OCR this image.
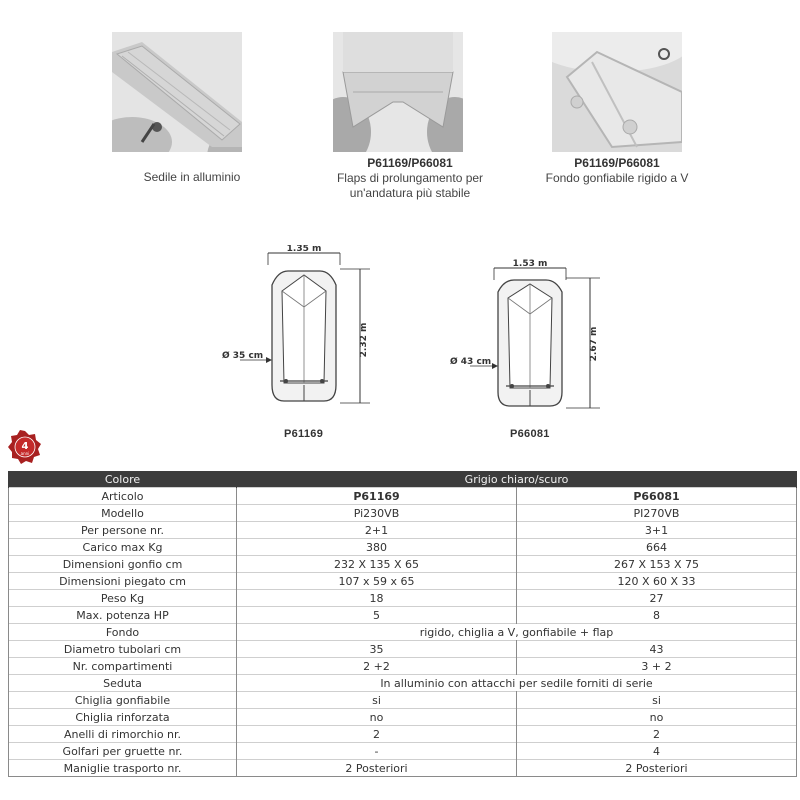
Sedile in alluminio
P61169/P66081
Flaps di prolungamento per un'andatura più stabile
P61169/P66081
Fondo gonfiabile rigido a V
1.35 m
2.32 m
Ø 35 cm
P61169
1.53 m
2.67 m
Ø 43 cm
P66081
4
anni
Colore	Grigio chiaro/scuro	
Articolo	P61169	P66081
Modello	Pi230VB	PI270VB
Per persone nr.	2+1	3+1
Carico max Kg	380	664
Dimensioni gonfio cm	232 X 135 X 65	267 X 153 X 75
Dimensioni piegato cm	107 x 59 x 65	120 X 60 X 33
Peso Kg	18	27
Max. potenza HP	5	8
Fondo	rigido, chiglia a V, gonfiabile + flap	
Diametro tubolari cm	35	43
Nr. compartimenti	2 +2	3 + 2
Seduta	In alluminio con attacchi per sedile forniti di serie	
Chiglia gonfiabile	si	si
Chiglia rinforzata	no	no
Anelli di rimorchio nr.	2	2
Golfari per gruette nr.	-	4
Maniglie trasporto nr.	2 Posteriori	2 Posteriori
